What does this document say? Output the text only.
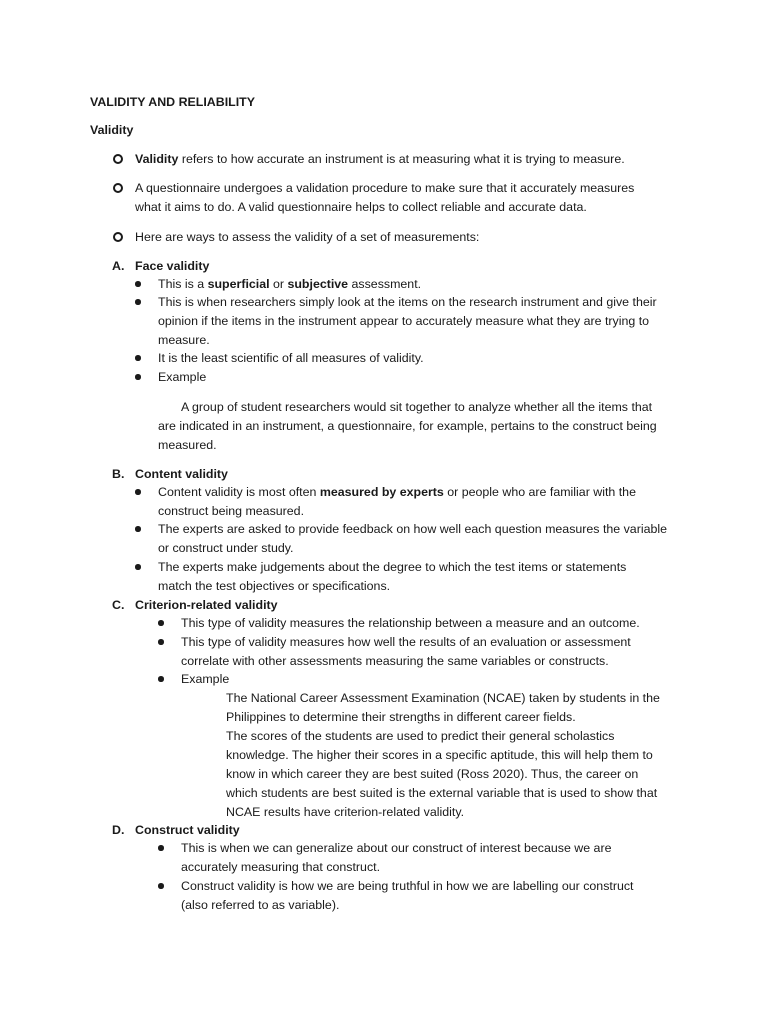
VALIDITY AND RELIABILITY
Validity
Validity refers to how accurate an instrument is at measuring what it is trying to measure.
A questionnaire undergoes a validation procedure to make sure that it accurately measures
what it aims to do. A valid questionnaire helps to collect reliable and accurate data.
Here are ways to assess the validity of a set of measurements:
A. Face validity
This is a superficial or subjective assessment.
This is when researchers simply look at the items on the research instrument and give their
opinion if the items in the instrument appear to accurately measure what they are trying to
measure.
It is the least scientific of all measures of validity.
Example
A group of student researchers would sit together to analyze whether all the items that
are indicated in an instrument, a questionnaire, for example, pertains to the construct being
measured.
B. Content validity
Content validity is most often measured by experts or people who are familiar with the
construct being measured.
The experts are asked to provide feedback on how well each question measures the variable
or construct under study.
The experts make judgements about the degree to which the test items or statements
match the test objectives or specifications.
C. Criterion-related validity
This type of validity measures the relationship between a measure and an outcome.
This type of validity measures how well the results of an evaluation or assessment
correlate with other assessments measuring the same variables or constructs.
Example
The National Career Assessment Examination (NCAE) taken by students in the
Philippines to determine their strengths in different career fields.
The scores of the students are used to predict their general scholastics
knowledge. The higher their scores in a specific aptitude, this will help them to
know in which career they are best suited (Ross 2020). Thus, the career on
which students are best suited is the external variable that is used to show that
NCAE results have criterion-related validity.
D. Construct validity
This is when we can generalize about our construct of interest because we are
accurately measuring that construct.
Construct validity is how we are being truthful in how we are labelling our construct
(also referred to as variable).
